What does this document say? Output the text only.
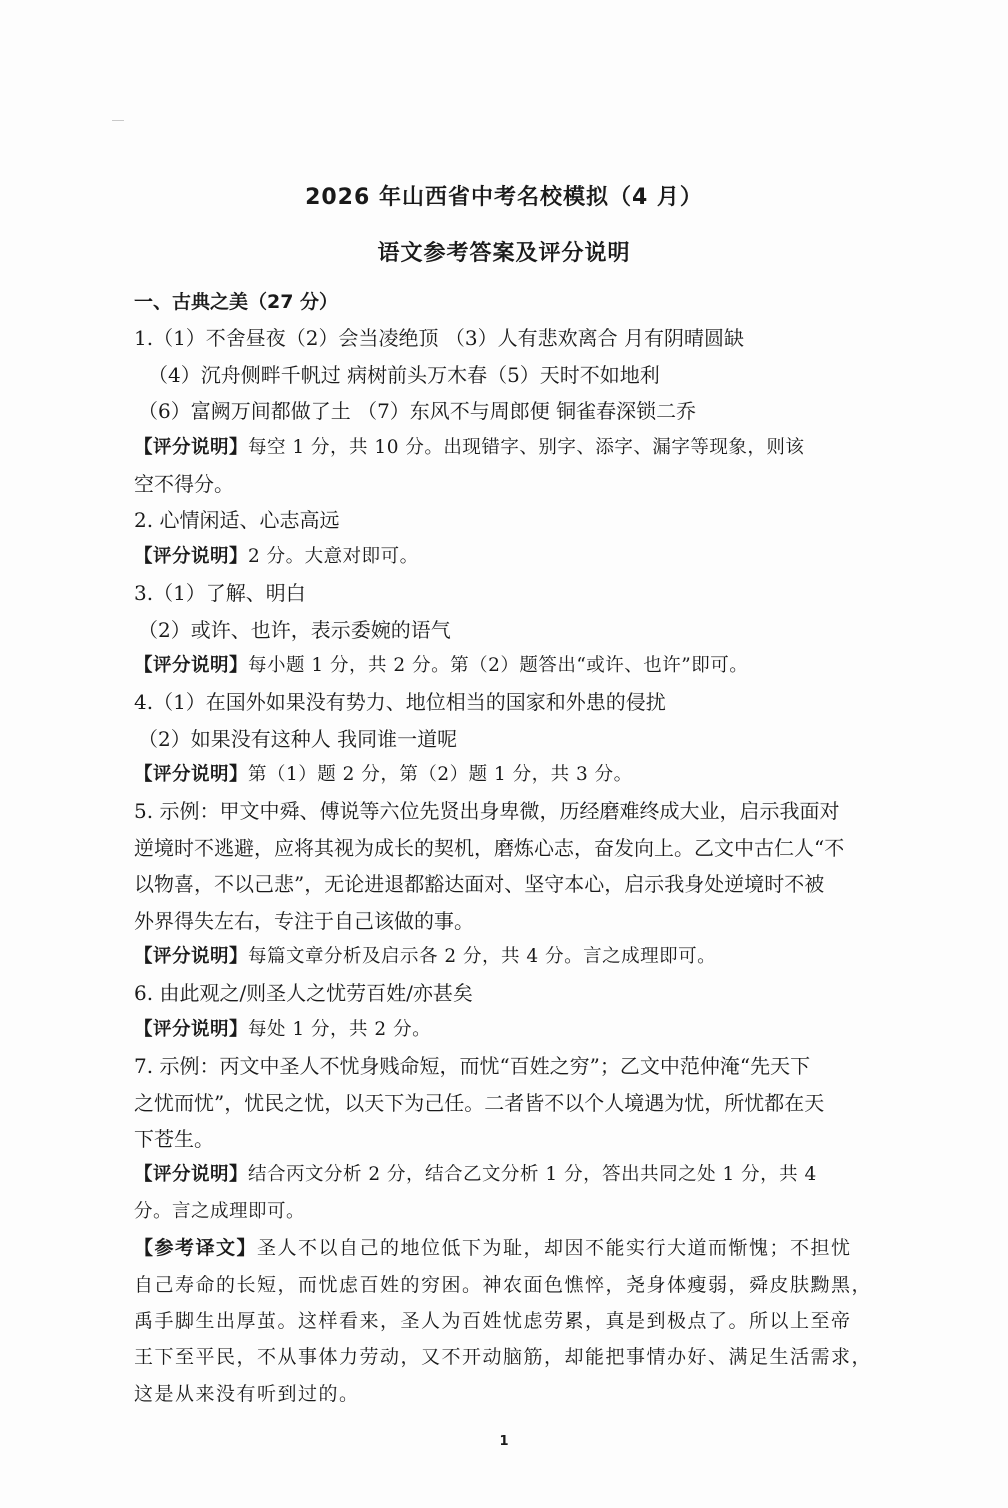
2026 年山西省中考名校模拟（4 月）
语文参考答案及评分说明
一、古典之美（27 分）
1.（1）不舍昼夜（2）会当凌绝顶 （3）人有悲欢离合 月有阴晴圆缺
（4）沉舟侧畔千帆过 病树前头万木春（5）天时不如地利
（6）富阙万间都做了土 （7）东风不与周郎便 铜雀春深锁二乔
【评分说明】每空 1 分，共 10 分。出现错字、别字、添字、漏字等现象，则该
空不得分。
2. 心情闲适、心志高远
【评分说明】2 分。大意对即可。
3.（1）了解、明白
（2）或许、也许，表示委婉的语气
【评分说明】每小题 1 分，共 2 分。第（2）题答出“或许、也许”即可。
4.（1）在国外如果没有势力、地位相当的国家和外患的侵扰
（2）如果没有这种人 我同谁一道呢
【评分说明】第（1）题 2 分，第（2）题 1 分，共 3 分。
5. 示例：甲文中舜、傅说等六位先贤出身卑微，历经磨难终成大业，启示我面对
逆境时不逃避，应将其视为成长的契机，磨炼心志，奋发向上。乙文中古仁人“不
以物喜，不以己悲”，无论进退都豁达面对、坚守本心，启示我身处逆境时不被
外界得失左右，专注于自己该做的事。
【评分说明】每篇文章分析及启示各 2 分，共 4 分。言之成理即可。
6. 由此观之/则圣人之忧劳百姓/亦甚矣
【评分说明】每处 1 分，共 2 分。
7. 示例：丙文中圣人不忧身贱命短，而忧“百姓之穷”；乙文中范仲淹“先天下
之忧而忧”，忧民之忧，以天下为己任。二者皆不以个人境遇为忧，所忧都在天
下苍生。
【评分说明】结合丙文分析 2 分，结合乙文分析 1 分，答出共同之处 1 分，共 4
分。言之成理即可。
【参考译文】圣人不以自己的地位低下为耻，却因不能实行大道而惭愧；不担忧
自己寿命的长短，而忧虑百姓的穷困。神农面色憔悴，尧身体瘦弱，舜皮肤黝黑，
禹手脚生出厚茧。这样看来，圣人为百姓忧虑劳累，真是到极点了。所以上至帝
王下至平民，不从事体力劳动，又不开动脑筋，却能把事情办好、满足生活需求，
这是从来没有听到过的。
1
